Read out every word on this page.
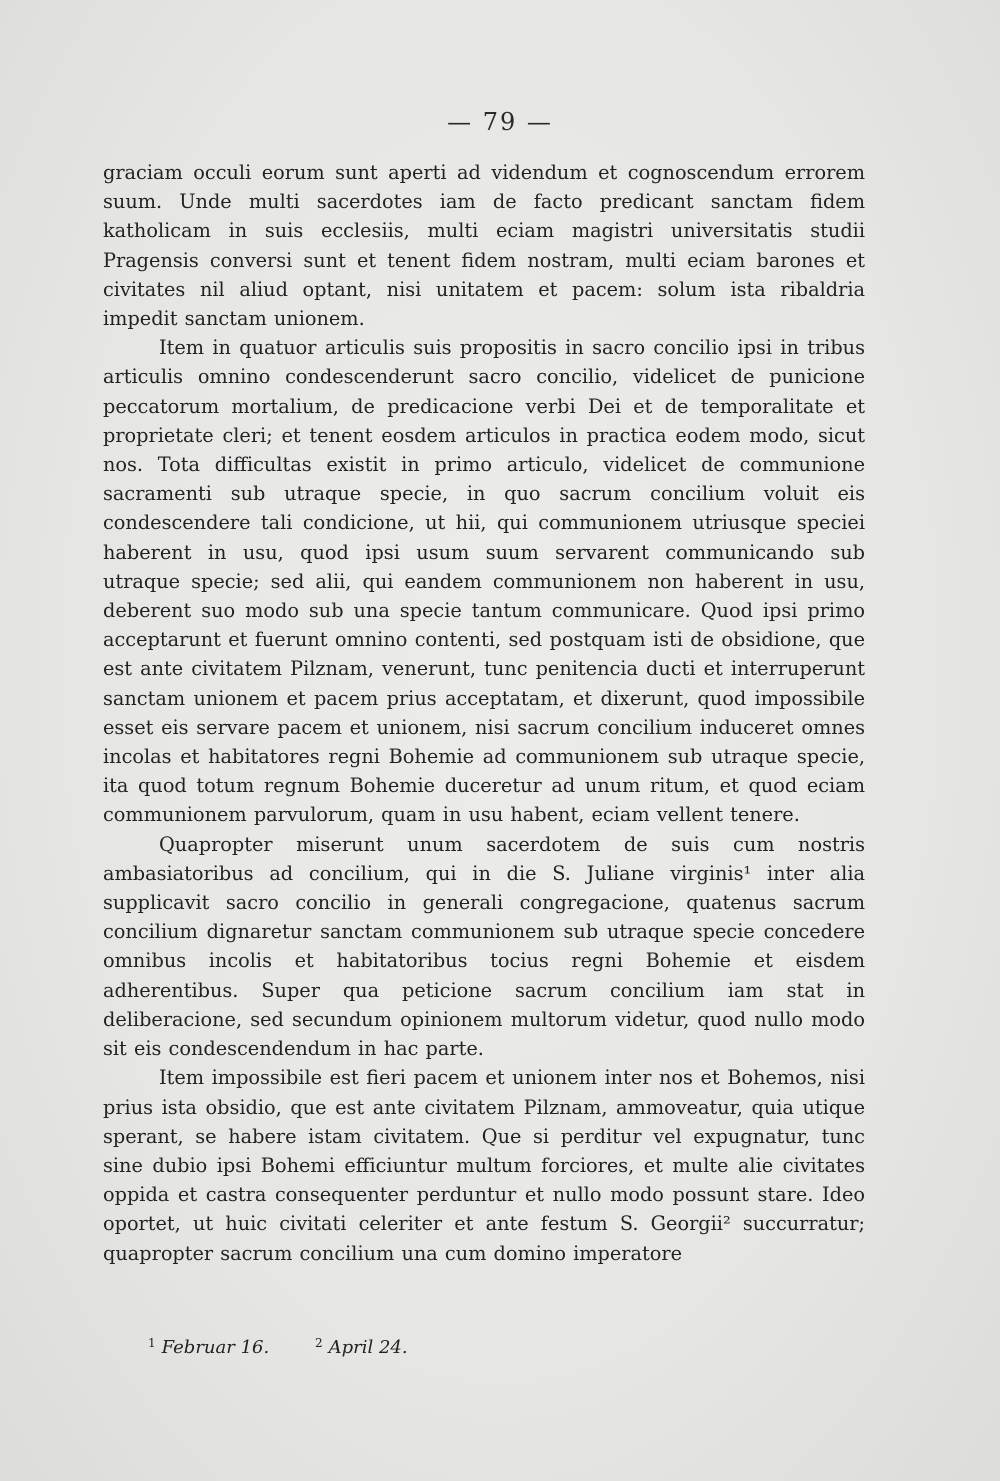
— 79 —

graciam occuli eorum sunt aperti ad videndum et cognoscendum errorem suum. Unde multi sacerdotes iam de facto predicant sanctam fidem katholicam in suis ecclesiis, multi eciam magistri universitatis studii Pragensis conversi sunt et tenent fidem nostram, multi eciam barones et civitates nil aliud optant, nisi unitatem et pacem: solum ista ribaldria impedit sanctam unionem.

Item in quatuor articulis suis propositis in sacro concilio ipsi in tribus articulis omnino condescenderunt sacro concilio, videlicet de punicione peccatorum mortalium, de predicacione verbi Dei et de temporalitate et proprietate cleri; et tenent eosdem articulos in practica eodem modo, sicut nos. Tota difficultas existit in primo articulo, videlicet de communione sacramenti sub utraque specie, in quo sacrum concilium voluit eis condescendere tali condicione, ut hii, qui communionem utriusque speciei haberent in usu, quod ipsi usum suum servarent communicando sub utraque specie; sed alii, qui eandem communionem non haberent in usu, deberent suo modo sub una specie tantum communicare. Quod ipsi primo acceptarunt et fuerunt omnino contenti, sed postquam isti de obsidione, que est ante civitatem Pilznam, venerunt, tunc penitencia ducti et interruperunt sanctam unionem et pacem prius acceptatam, et dixerunt, quod impossibile esset eis servare pacem et unionem, nisi sacrum concilium induceret omnes incolas et habitatores regni Bohemie ad communionem sub utraque specie, ita quod totum regnum Bohemie duceretur ad unum ritum, et quod eciam communionem parvulorum, quam in usu habent, eciam vellent tenere.

Quapropter miserunt unum sacerdotem de suis cum nostris ambasiatoribus ad concilium, qui in die S. Juliane virginis¹ inter alia supplicavit sacro concilio in generali congregacione, quatenus sacrum concilium dignaretur sanctam communionem sub utraque specie concedere omnibus incolis et habitatoribus tocius regni Bohemie et eisdem adherentibus. Super qua peticione sacrum concilium iam stat in deliberacione, sed secundum opinionem multorum videtur, quod nullo modo sit eis condescendendum in hac parte.

Item impossibile est fieri pacem et unionem inter nos et Bohemos, nisi prius ista obsidio, que est ante civitatem Pilznam, ammoveatur, quia utique sperant, se habere istam civitatem. Que si perditur vel expugnatur, tunc sine dubio ipsi Bohemi efficiuntur multum forciores, et multe alie civitates oppida et castra consequenter perduntur et nullo modo possunt stare. Ideo oportet, ut huic civitati celeriter et ante festum S. Georgii² succurratur; quapropter sacrum concilium una cum domino imperatore

$^1$ Februar 16.	$^2$ April 24.
